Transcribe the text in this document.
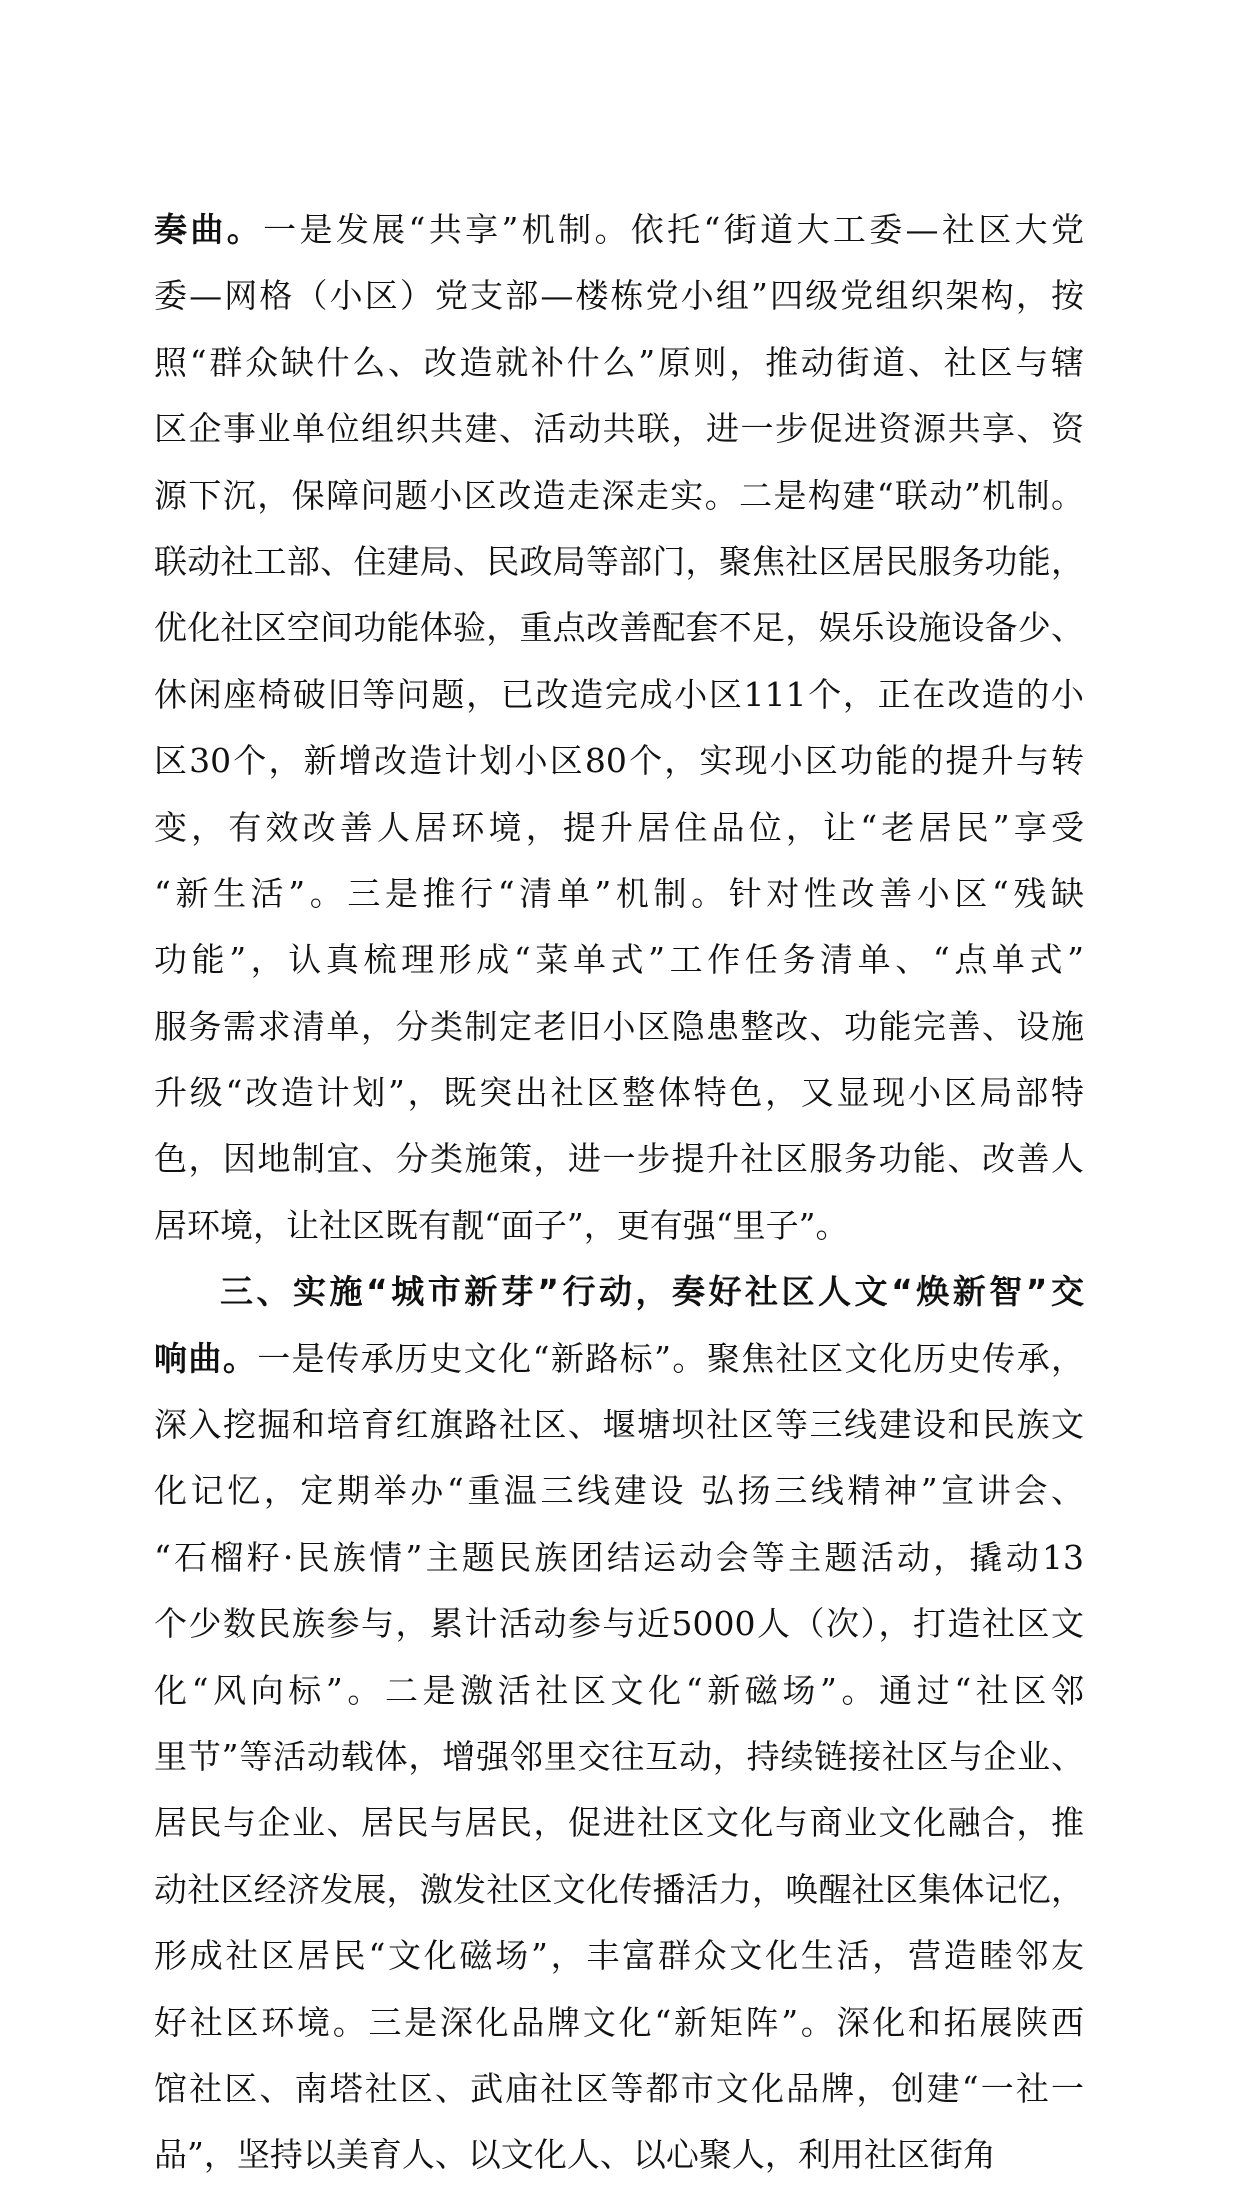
奏曲。一是发展“共享”机制。依托“街道大工委—社区大党
委—网格（小区）党支部—楼栋党小组”四级党组织架构，按
照“群众缺什么、改造就补什么”原则，推动街道、社区与辖
区企事业单位组织共建、活动共联，进一步促进资源共享、资
源下沉，保障问题小区改造走深走实。二是构建“联动”机制。
联动社工部、住建局、民政局等部门，聚焦社区居民服务功能，
优化社区空间功能体验，重点改善配套不足，娱乐设施设备少、
休闲座椅破旧等问题，已改造完成小区111个，正在改造的小
区30个，新增改造计划小区80个，实现小区功能的提升与转
变，有效改善人居环境，提升居住品位，让“老居民”享受
“新生活”。三是推行“清单”机制。针对性改善小区“残缺
功能”，认真梳理形成“菜单式”工作任务清单、“点单式”
服务需求清单，分类制定老旧小区隐患整改、功能完善、设施
升级“改造计划”，既突出社区整体特色，又显现小区局部特
色，因地制宜、分类施策，进一步提升社区服务功能、改善人
居环境，让社区既有靓“面子”，更有强“里子”。
三、实施“城市新芽”行动，奏好社区人文“焕新智”交
响曲。一是传承历史文化“新路标”。聚焦社区文化历史传承，
深入挖掘和培育红旗路社区、堰塘坝社区等三线建设和民族文
化记忆，定期举办“重温三线建设 弘扬三线精神”宣讲会、
“石榴籽·民族情”主题民族团结运动会等主题活动，撬动13
个少数民族参与，累计活动参与近5000人（次），打造社区文
化“风向标”。二是激活社区文化“新磁场”。通过“社区邻
里节”等活动载体，增强邻里交往互动，持续链接社区与企业、
居民与企业、居民与居民，促进社区文化与商业文化融合，推
动社区经济发展，激发社区文化传播活力，唤醒社区集体记忆，
形成社区居民“文化磁场”，丰富群众文化生活，营造睦邻友
好社区环境。三是深化品牌文化“新矩阵”。深化和拓展陕西
馆社区、南塔社区、武庙社区等都市文化品牌，创建“一社一
品”，坚持以美育人、以文化人、以心聚人，利用社区街角
